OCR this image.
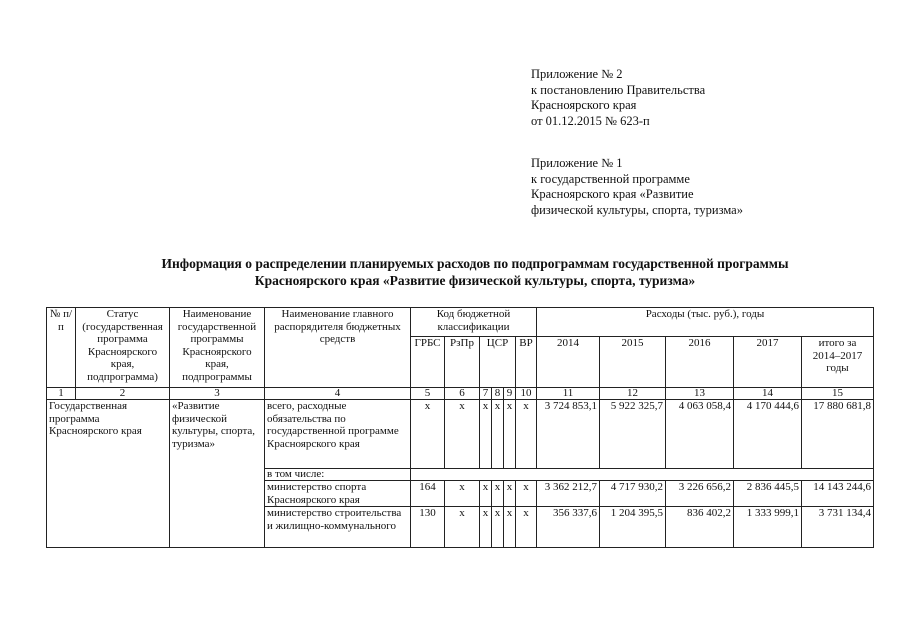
Приложение № 2
к постановлению Правительства
Красноярского края
от 01.12.2015 № 623-п
Приложение № 1
к государственной программе
Красноярского края «Развитие
физической культуры, спорта, туризма»
Информация о распределении планируемых расходов по подпрограммам государственной программы
Красноярского края «Развитие физической культуры, спорта, туризма»
№ п/п	Статус (государственная программа Красноярского края, подпрограмма)	Наименование государственной программы Красноярского края, подпрограммы	Наименование главного распорядителя бюджетных средств	Код бюджетной классификации						Расходы (тыс. руб.), годы				
				ГРБС	РзПр	ЦСР			ВР	2014	2015	2016	2017	итого за 2014–2017 годы
1	2	3	4	5	6	7	8	9	10	11	12	13	14	15
Государственная программа Красноярского края		«Развитие физической культуры, спорта, туризма»	всего, расходные обязательства по государственной программе Красноярского края	х	х	х	х	х	х	3 724 853,1	5 922 325,7	4 063 058,4	4 170 444,6	17 880 681,8
			в том числе:											
			министерство спорта Красноярского края	164	х	х	х	х	х	3 362 212,7	4 717 930,2	3 226 656,2	2 836 445,5	14 143 244,6
			министерство строительства и жилищно-коммунального	130	х	х	х	х	х	356 337,6	1 204 395,5	836 402,2	1 333 999,1	3 731 134,4
